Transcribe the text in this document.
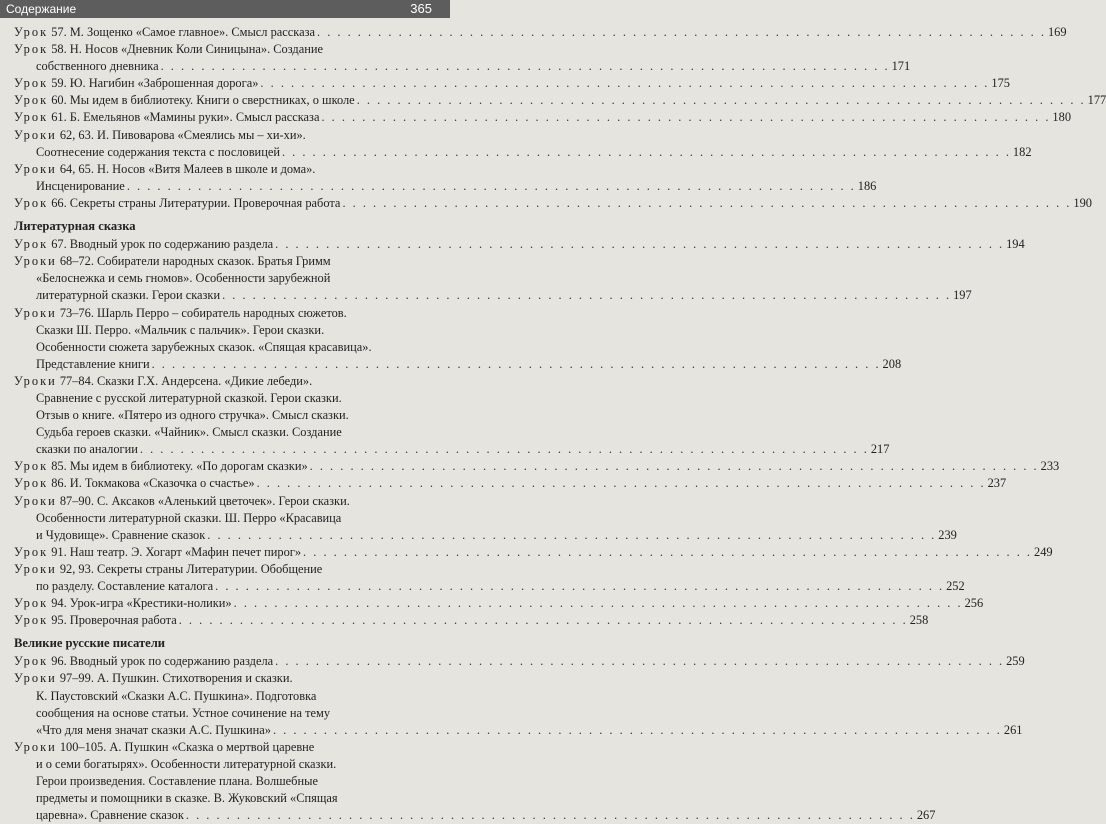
Содержание	365
Урок 57. М. Зощенко «Самое главное». Смысл рассказа . . .	169
Урок 58. Н. Носов «Дневник Коли Синицына». Создание
собственного дневника . . .	171
Урок 59. Ю. Нагибин «Заброшенная дорога» . . .	175
Урок 60. Мы идем в библиотеку. Книги о сверстниках, о школе . . .	177
Урок 61. Б. Емельянов «Мамины руки». Смысл рассказа . . .	180
Уроки 62, 63. И. Пивоварова «Смеялись мы – хи-хи».
Соотнесение содержания текста с пословицей . . .	182
Уроки 64, 65. Н. Носов «Витя Малеев в школе и дома».
Инсценирование . . .	186
Урок 66. Секреты страны Литературии. Проверочная работа . . .	190
Литературная сказка
Урок 67. Вводный урок по содержанию раздела . . .	194
Уроки 68–72. Собиратели народных сказок. Братья Гримм
«Белоснежка и семь гномов». Особенности зарубежной
литературной сказки. Герои сказки . . .	197
Уроки 73–76. Шарль Перро – собиратель народных сюжетов.
Сказки Ш. Перро. «Мальчик с пальчик». Герои сказки.
Особенности сюжета зарубежных сказок. «Спящая красавица».
Представление книги . . .	208
Уроки 77–84. Сказки Г.Х. Андерсена. «Дикие лебеди».
Сравнение с русской литературной сказкой. Герои сказки.
Отзыв о книге. «Пятеро из одного стручка». Смысл сказки.
Судьба героев сказки. «Чайник». Смысл сказки. Создание
сказки по аналогии . . .	217
Урок 85. Мы идем в библиотеку. «По дорогам сказки» . . .	233
Урок 86. И. Токмакова «Сказочка о счастье» . . .	237
Уроки 87–90. С. Аксаков «Аленький цветочек». Герои сказки.
Особенности литературной сказки. Ш. Перро «Красавица
и Чудовище». Сравнение сказок . . .	239
Урок 91. Наш театр. Э. Хогарт «Мафин печет пирог» . . .	249
Уроки 92, 93. Секреты страны Литературии. Обобщение
по разделу. Составление каталога . . .	252
Урок 94. Урок-игра «Крестики-нолики» . . .	256
Урок 95. Проверочная работа . . .	258
Великие русские писатели
Урок 96. Вводный урок по содержанию раздела . . .	259
Уроки 97–99. А. Пушкин. Стихотворения и сказки.
К. Паустовский «Сказки А.С. Пушкина». Подготовка
сообщения на основе статьи. Устное сочинение на тему
«Что для меня значат сказки А.С. Пушкина» . . .	261
Уроки 100–105. А. Пушкин «Сказка о мертвой царевне
и о семи богатырях». Особенности литературной сказки.
Герои произведения. Составление плана. Волшебные
предметы и помощники в сказке. В. Жуковский «Спящая
царевна». Сравнение сказок . . .	267
